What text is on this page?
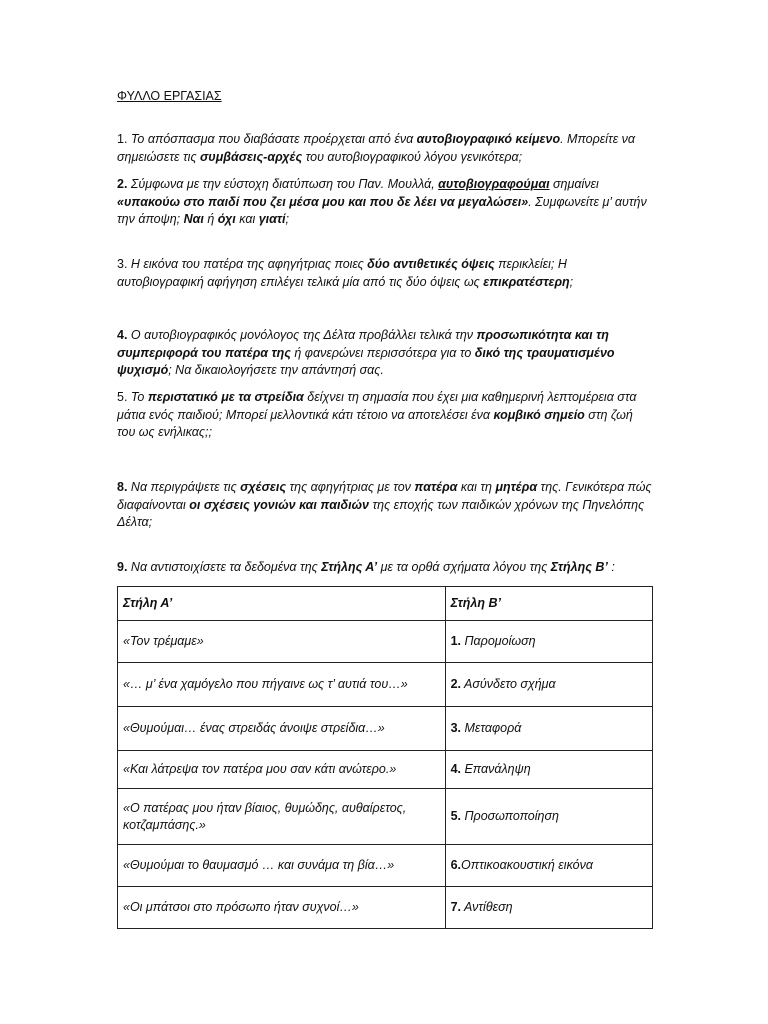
ΦΥΛΛΟ ΕΡΓΑΣΙΑΣ
1. Το απόσπασμα που διαβάσατε προέρχεται από ένα αυτοβιογραφικό κείμενο. Μπορείτε να σημειώσετε τις συμβάσεις-αρχές του αυτοβιογραφικού λόγου γενικότερα;
2. Σύμφωνα με την εύστοχη διατύπωση του Παν. Μουλλά, αυτοβιογραφούμαι σημαίνει «υπακούω στο παιδί που ζει μέσα μου και που δε λέει να μεγαλώσει». Συμφωνείτε μ’ αυτήν την άποψη; Ναι ή όχι και γιατί;
3. Η εικόνα του πατέρα της αφηγήτριας ποιες δύο αντιθετικές όψεις περικλείει; Η αυτοβιογραφική αφήγηση επιλέγει τελικά μία από τις δύο όψεις ως επικρατέστερη;
4. Ο αυτοβιογραφικός μονόλογος της Δέλτα προβάλλει τελικά την προσωπικότητα και τη συμπεριφορά του πατέρα της ή φανερώνει περισσότερα για το δικό της τραυματισμένο ψυχισμό; Να δικαιολογήσετε την απάντησή σας.
5. Το περιστατικό με τα στρείδια δείχνει τη σημασία που έχει μια καθημερινή λεπτομέρεια στα μάτια ενός παιδιού; Μπορεί μελλοντικά κάτι τέτοιο να αποτελέσει ένα κομβικό σημείο στη ζωή του ως ενήλικας;;
8. Να περιγράψετε τις σχέσεις της αφηγήτριας με τον πατέρα και τη μητέρα της. Γενικότερα πώς διαφαίνονται οι σχέσεις γονιών και παιδιών της εποχής των παιδικών χρόνων της Πηνελόπης Δέλτα;
9. Να αντιστοιχίσετε τα δεδομένα της Στήλης Α’ με τα ορθά σχήματα λόγου της Στήλης Β’ :
Στήλη Α’	Στήλη Β’
«Τον τρέμαμε»	1. Παρομοίωση
«… μ’ ένα χαμόγελο που πήγαινε ως τ’ αυτιά του…»	2. Ασύνδετο σχήμα
«Θυμούμαι… ένας στρειδάς άνοιψε στρείδια…»	3. Μεταφορά
«Και λάτρεψα τον πατέρα μου σαν κάτι ανώτερο.»	4. Επανάληψη
«Ο πατέρας μου ήταν βίαιος, θυμώδης, αυθαίρετος, κοτζαμπάσης.»	5. Προσωποποίηση
«Θυμούμαι το θαυμασμό … και συνάμα τη βία…»	6.Οπτικοακουστική εικόνα
«Οι μπάτσοι στο πρόσωπο ήταν συχνοί…»	7. Αντίθεση
